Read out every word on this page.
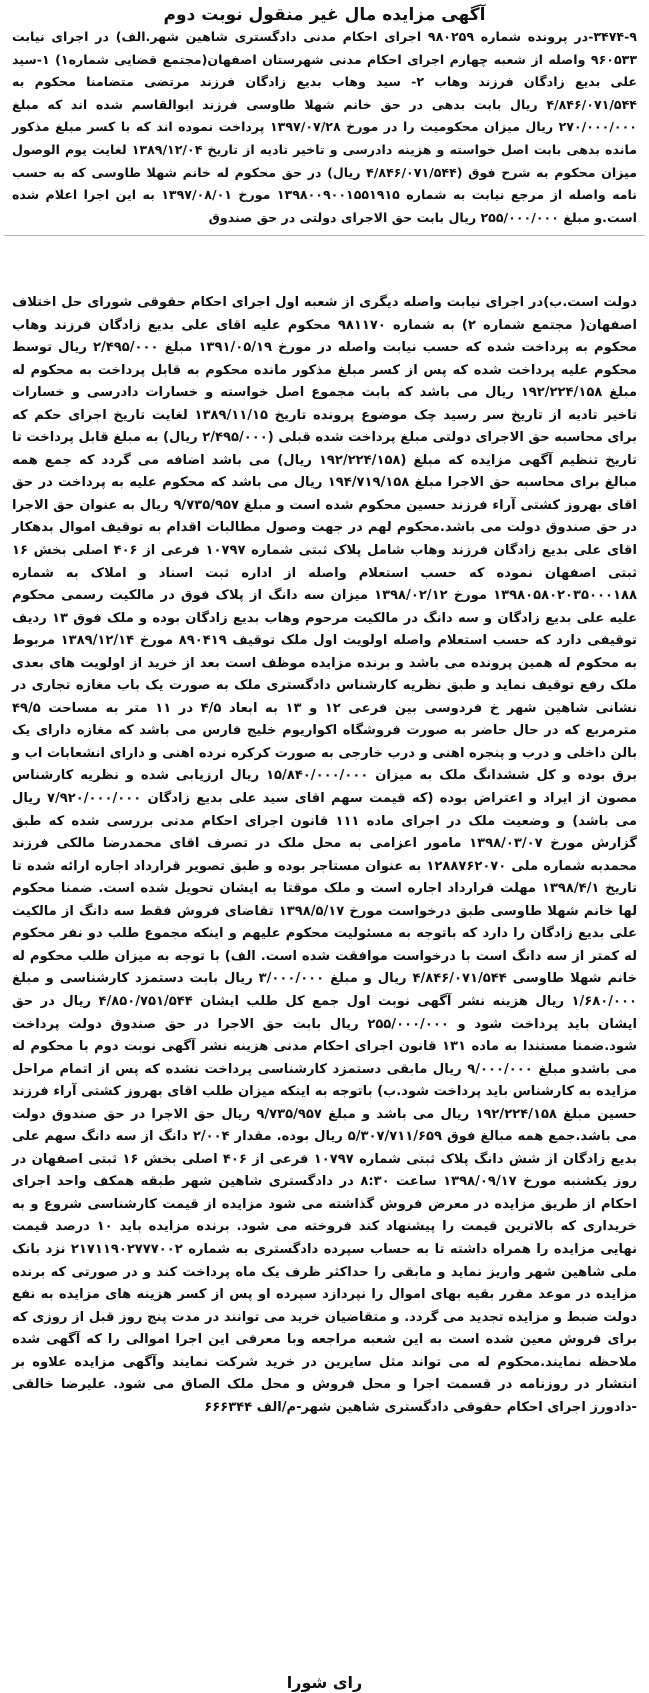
آگهی مزایده مال غیر منقول نوبت دوم

۳۴۷۴-۹-در پرونده شماره ۹۸۰۲۵۹ اجرای احکام مدنی دادگستری شاهین شهر.الف) در اجرای نیابت ۹۶۰۵۳۳ واصله از شعبه چهارم اجرای احکام مدنی شهرستان اصفهان(مجتمع قضایی شماره۱) ۱-سید علی بدیع زادگان فرزند وهاب ۲- سید وهاب بدیع زادگان فرزند مرتضی متضامنا محکوم به ۴/۸۴۶/۰۷۱/۵۴۴ ریال بابت بدهی در حق خانم شهلا طاوسی فرزند ابوالقاسم شده اند که مبلغ ۲۷۰/۰۰۰/۰۰۰ ریال میزان محکومیت را در مورخ ۱۳۹۷/۰۷/۲۸ پرداخت نموده اند که با کسر مبلغ مذکور مانده بدهی بابت اصل خواسته و هزینه دادرسی و تاخیر تادیه از تاریخ ۱۳۸۹/۱۲/۰۴ لغایت یوم الوصول میزان محکوم به شرح فوق (۴/۸۴۶/۰۷۱/۵۴۴ ریال) در حق محکوم له خانم شهلا طاوسی که به حسب نامه واصله از مرجع نیابت به شماره ۱۳۹۸۰۰۹۰۰۱۵۵۱۹۱۵ مورخ ۱۳۹۷/۰۸/۰۱ به این اجرا اعلام شده است.و مبلغ ۲۵۵/۰۰۰/۰۰۰ ریال بابت حق الاجرای دولتی در حق صندوق

دولت است.ب)در اجرای نیابت واصله دیگری از شعبه اول اجرای احکام حقوقی شورای حل اختلاف اصفهان( مجتمع شماره ۲) به شماره ۹۸۱۱۷۰ محکوم علیه اقای علی بدیع زادگان فرزند وهاب محکوم به پرداخت شده که حسب نیابت واصله در مورخ ۱۳۹۱/۰۵/۱۹ مبلغ ۲/۴۹۵/۰۰۰ ریال توسط محکوم علیه پرداخت شده که پس از کسر مبلغ مذکور مانده محکوم به قابل پرداخت به محکوم له مبلغ ۱۹۲/۲۲۴/۱۵۸ ریال می باشد که بابت مجموع اصل خواسته و خسارات دادرسی و خسارات تاخیر تادیه از تاریخ سر رسید چک موضوع پرونده تاریخ ۱۳۸۹/۱۱/۱۵ لغایت تاریخ اجرای حکم که برای محاسبه حق الاجرای دولتی مبلغ پرداخت شده قبلی (۲/۴۹۵/۰۰۰ ریال) به مبلغ قابل پرداخت تا تاریخ تنظیم آگهی مزایده که مبلغ (۱۹۲/۲۲۴/۱۵۸ ریال) می باشد اضافه می گردد که جمع همه مبالغ برای محاسبه حق الاجرا مبلغ ۱۹۴/۷۱۹/۱۵۸ ریال می باشد که محکوم علیه به پرداخت در حق اقای بهروز کشتی آراء فرزند حسین محکوم شده است و مبلغ ۹/۷۳۵/۹۵۷ ریال به عنوان حق الاجرا در حق صندوق دولت می باشد.محکوم لهم در جهت وصول مطالبات اقدام به توقیف اموال بدهکار اقای علی بدیع زادگان فرزند وهاب شامل پلاک ثبتی شماره ۱۰۷۹۷ فرعی از ۴۰۶ اصلی بخش ۱۶ ثبتی اصفهان نموده که حسب استعلام واصله از اداره ثبت اسناد و املاک به شماره ۱۳۹۸۰۵۸۰۲۰۳۵۰۰۰۱۸۸ مورخ ۱۳۹۸/۰۲/۱۲ میزان سه دانگ از پلاک فوق در مالکیت رسمی محکوم علیه علی بدیع زادگان و سه دانگ در مالکیت مرحوم وهاب بدیع زادگان بوده و ملک فوق ۱۳ ردیف توقیفی دارد که حسب استعلام واصله اولویت اول ملک توقیف ۸۹۰۴۱۹ مورخ ۱۳۸۹/۱۲/۱۴ مربوط به محکوم له همین پرونده می باشد و برنده مزایده موظف است بعد از خرید از اولویت های بعدی ملک رفع توقیف نماید و طبق نظریه کارشناس دادگستری ملک به صورت یک باب مغازه تجاری در نشانی شاهین شهر خ فردوسی بین فرعی ۱۲ و ۱۳ به ابعاد ۴/۵ در ۱۱ متر به مساحت ۴۹/۵ مترمربع که در حال حاضر به صورت فروشگاه اکواریوم خلیج فارس می باشد که مغازه دارای یک بالن داخلی و درب و پنجره اهنی و درب خارجی به صورت کرکره نرده اهنی و دارای انشعابات اب و برق بوده و کل ششدانگ ملک به میزان ۱۵/۸۴۰/۰۰۰/۰۰۰ ریال ارزیابی شده و نظریه کارشناس مصون از ایراد و اعتراض بوده (که قیمت سهم اقای سید علی بدیع زادگان ۷/۹۲۰/۰۰۰/۰۰۰ ریال می باشد) و وضعیت ملک در اجرای ماده ۱۱۱ قانون اجرای احکام مدنی بررسی شده که طبق گزارش مورخ ۱۳۹۸/۰۳/۰۷ مامور اعزامی به محل ملک در تصرف اقای محمدرضا مالکی فرزند محمدبه شماره ملی ۱۲۸۸۷۶۲۰۷۰ به عنوان مستاجر بوده و طبق تصویر قرارداد اجاره ارائه شده تا تاریخ ۱۳۹۸/۴/۱ مهلت قرارداد اجاره است و ملک موقتا به ایشان تحویل شده است. ضمنا محکوم لها خانم شهلا طاوسی طبق درخواست مورخ ۱۳۹۸/۵/۱۷ تقاضای فروش فقط سه دانگ از مالکیت علی بدیع زادگان را دارد که باتوجه به مسئولیت محکوم علیهم و اینکه مجموع طلب دو نفر محکوم له کمتر از سه دانگ است با درخواست موافقت شده است. الف) با توجه به میزان طلب محکوم له خانم شهلا طاوسی ۴/۸۴۶/۰۷۱/۵۴۴ ریال و مبلغ ۳/۰۰۰/۰۰۰ ریال بابت دستمزد کارشناسی و مبلغ ۱/۶۸۰/۰۰۰ ریال هزینه نشر آگهی نوبت اول جمع کل طلب ایشان ۴/۸۵۰/۷۵۱/۵۴۴ ریال در حق ایشان باید پرداخت شود و ۲۵۵/۰۰۰/۰۰۰ ریال بابت حق الاجرا در حق صندوق دولت پرداخت شود.ضمنا مستندا به ماده ۱۳۱ قانون اجرای احکام مدنی هزینه نشر آگهی نوبت دوم با محکوم له می باشدو مبلغ ۹/۰۰۰/۰۰۰ ریال مابقی دستمزد کارشناسی پرداخت نشده که پس از اتمام مراحل مزایده به کارشناس باید پرداخت شود.ب) باتوجه به اینکه میزان طلب اقای بهروز کشتی آراء فرزند حسین مبلغ ۱۹۲/۲۲۴/۱۵۸ ریال می باشد و مبلغ ۹/۷۳۵/۹۵۷ ریال حق الاجرا در حق صندوق دولت می باشد.جمع همه مبالغ فوق ۵/۳۰۷/۷۱۱/۶۵۹ ریال بوده. مقدار ۲/۰۰۴ دانگ از سه دانگ سهم علی بدیع زادگان از شش دانگ پلاک ثبتی شماره ۱۰۷۹۷ فرعی از ۴۰۶ اصلی بخش ۱۶ ثبتی اصفهان در روز یکشنبه مورخ ۱۳۹۸/۰۹/۱۷ ساعت ۸:۳۰ در دادگستری شاهین شهر طبقه همکف واحد اجرای احکام از طریق مزایده در معرض فروش گذاشته می شود مزایده از قیمت کارشناسی شروع و به خریداری که بالاترین قیمت را پیشنهاد کند فروخته می شود. برنده مزایده باید ۱۰ درصد قیمت نهایی مزایده را همراه داشته تا به حساب سپرده دادگستری به شماره ۲۱۷۱۱۹۰۲۷۷۷۰۰۲ نزد بانک ملی شاهین شهر واریز نماید و مابقی را حداکثر ظرف یک ماه پرداخت کند و در صورتی که برنده مزایده در موعد مقرر بقیه بهای اموال را نپردازد سپرده او پس از کسر هزینه های مزایده به نفع دولت ضبط و مزایده تجدید می گردد. و متقاضیان خرید می توانند در مدت پنج روز قبل از روزی که برای فروش معین شده است به این شعبه مراجعه وبا معرفی این اجرا اموالی را که آگهی شده ملاحظه نمایند.محکوم له می تواند مثل سایرین در خرید شرکت نمایند وآگهی مزایده علاوه بر انتشار در روزنامه در قسمت اجرا و محل فروش و محل ملک الصاق می شود. علیرضا خالقی -دادورز اجرای احکام حقوقی دادگستری شاهین شهر-م/الف ۶۶۶۳۴۴

رای شورا
